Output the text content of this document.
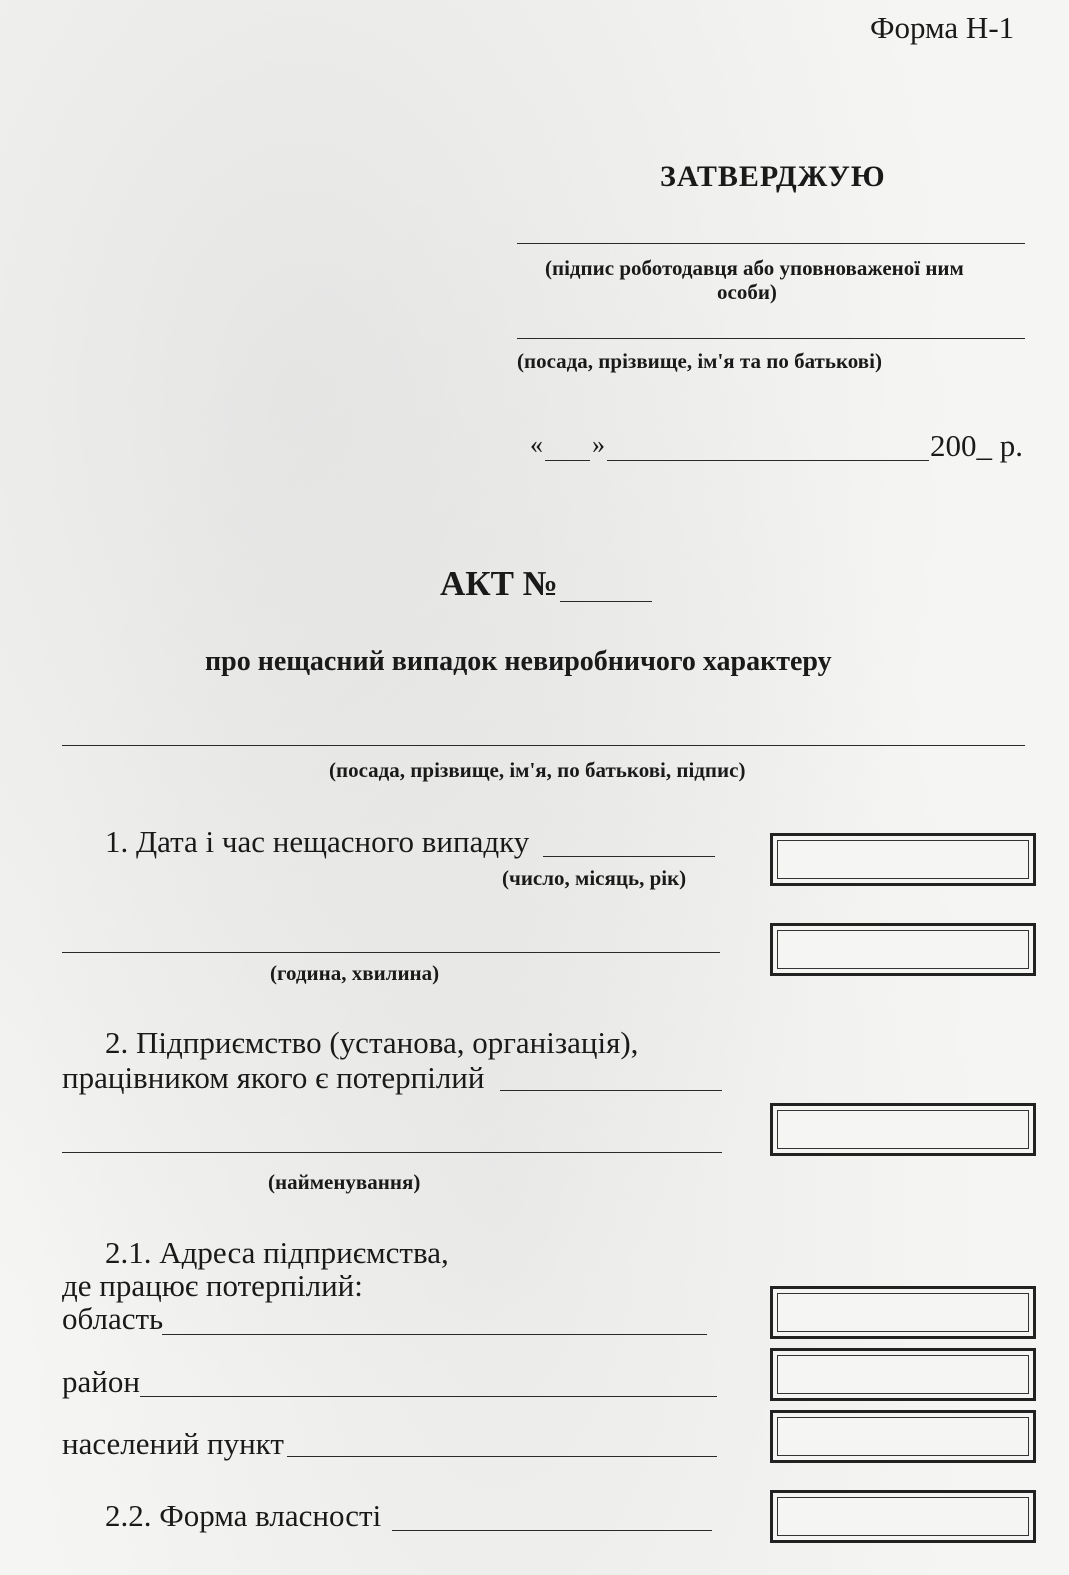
Форма Н-1
ЗАТВЕРДЖУЮ
(підпис роботодавця або уповноваженої ним
особи)
(посада, прізвище, ім'я та по батькові)
« »	200_ р.
АКТ №
про нещасний випадок невиробничого характеру
(посада, прізвище, ім'я, по батькові, підпис)
1. Дата і час нещасного випадку
(число, місяць, рік)
(година, хвилина)
2. Підприємство (установа, організація),
працівником якого є потерпілий
(найменування)
2.1. Адреса підприємства,
де працює потерпілий:
область
район
населений пункт
2.2. Форма власності
